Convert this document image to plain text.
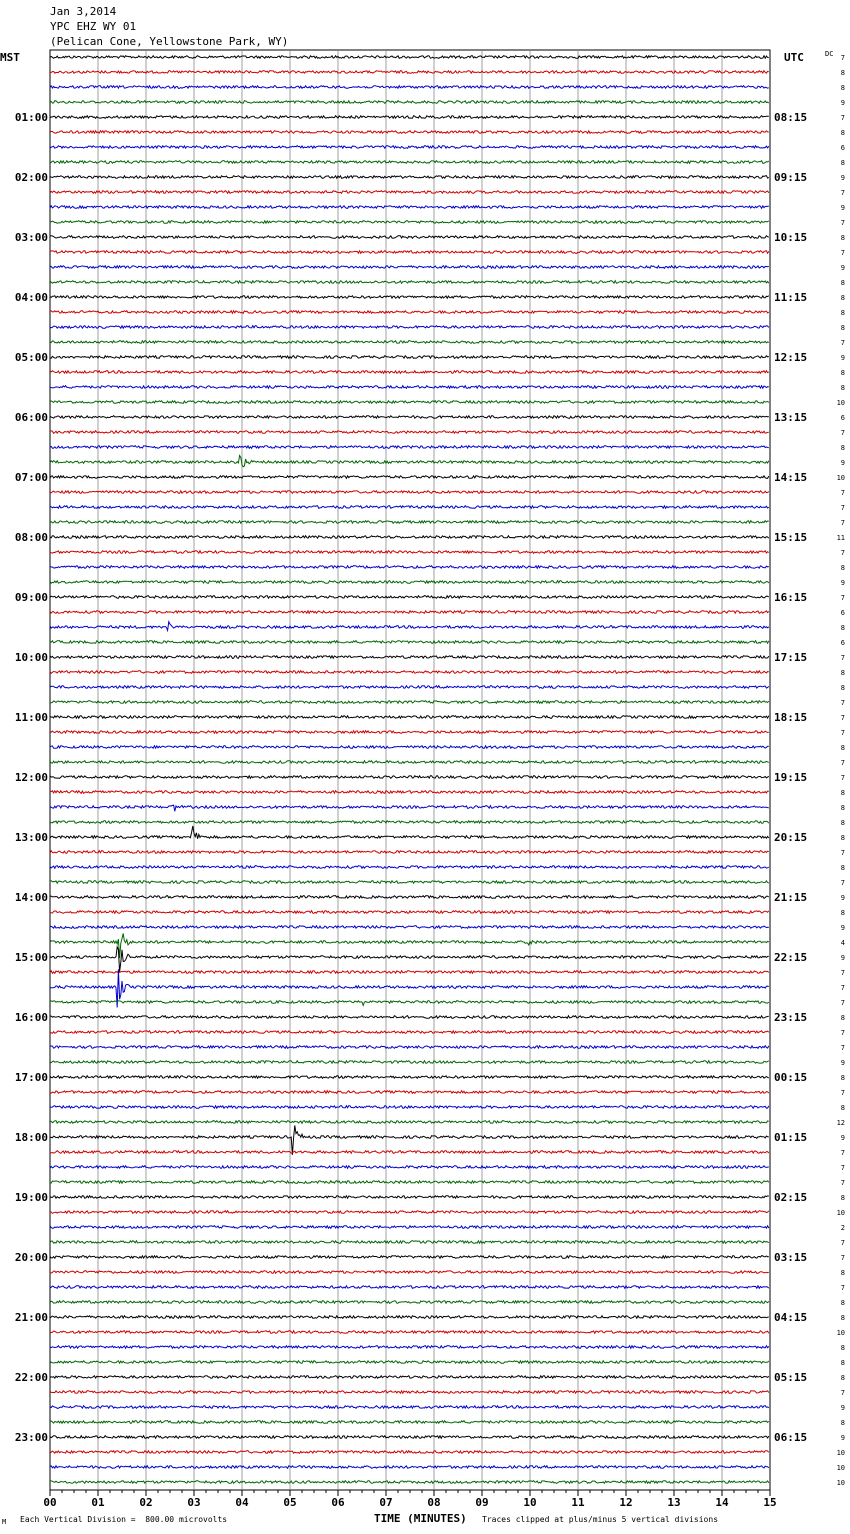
Jan 3,2014
YPC EHZ WY 01
(Pelican Cone, Yellowstone Park, WY)
00	01	02	03	04	05	06	07	08	09	10	11	12	13	14	15
7
8
8
9
7
8
6
8
9
7
9
7
8
7
9
8
8
8
8
7
9
8
8
10
6
7
8
9
10
7
7
7
11
7
8
9
7
6
8
6
7
8
8
7
7
7
8
7
7
8
8
8
8
7
8
7
9
8
9
4
9
7
7
7
8
7
7
9
8
7
8
12
9
7
7
7
8
10
2
7
7
8
7
8
8
10
8
8
8
7
9
8
9
10
10
10
01:00
02:00
03:00
04:00
05:00
06:00
07:00
08:00
09:00
10:00
11:00
12:00
13:00
14:00
15:00
16:00
17:00
18:00
19:00
20:00
21:00
22:00
23:00
08:15
09:15
10:15
11:15
12:15
13:15
14:15
15:15
16:15
17:15
18:15
19:15
20:15
21:15
22:15
23:15
00:15
01:15
02:15
03:15
04:15
05:15
06:15
MST	UTC	DC
M Each Vertical Division =  800.00 microvolts	TIME (MINUTES) Traces clipped at plus/minus 5 vertical divisions
